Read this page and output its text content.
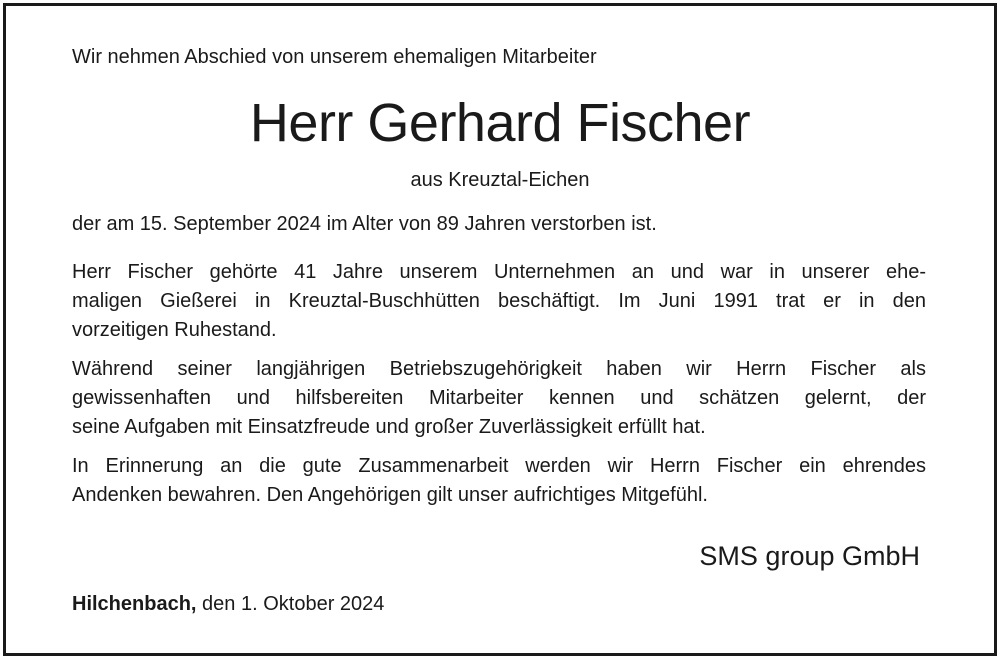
Wir nehmen Abschied von unserem ehemaligen Mitarbeiter
Herr Gerhard Fischer
aus Kreuztal-Eichen
der am 15. September 2024 im Alter von 89 Jahren verstorben ist.
Herr Fischer gehörte 41 Jahre unserem Unternehmen an und war in unserer ehe-
maligen Gießerei in Kreuztal-Buschhütten beschäftigt. Im Juni 1991 trat er in den
vorzeitigen Ruhestand.
Während seiner langjährigen Betriebszugehörigkeit haben wir Herrn Fischer als
gewissenhaften und hilfsbereiten Mitarbeiter kennen und schätzen gelernt, der
seine Aufgaben mit Einsatzfreude und großer Zuverlässigkeit erfüllt hat.
In Erinnerung an die gute Zusammenarbeit werden wir Herrn Fischer ein ehrendes
Andenken bewahren. Den Angehörigen gilt unser aufrichtiges Mitgefühl.
SMS group GmbH
Hilchenbach, den 1. Oktober 2024
